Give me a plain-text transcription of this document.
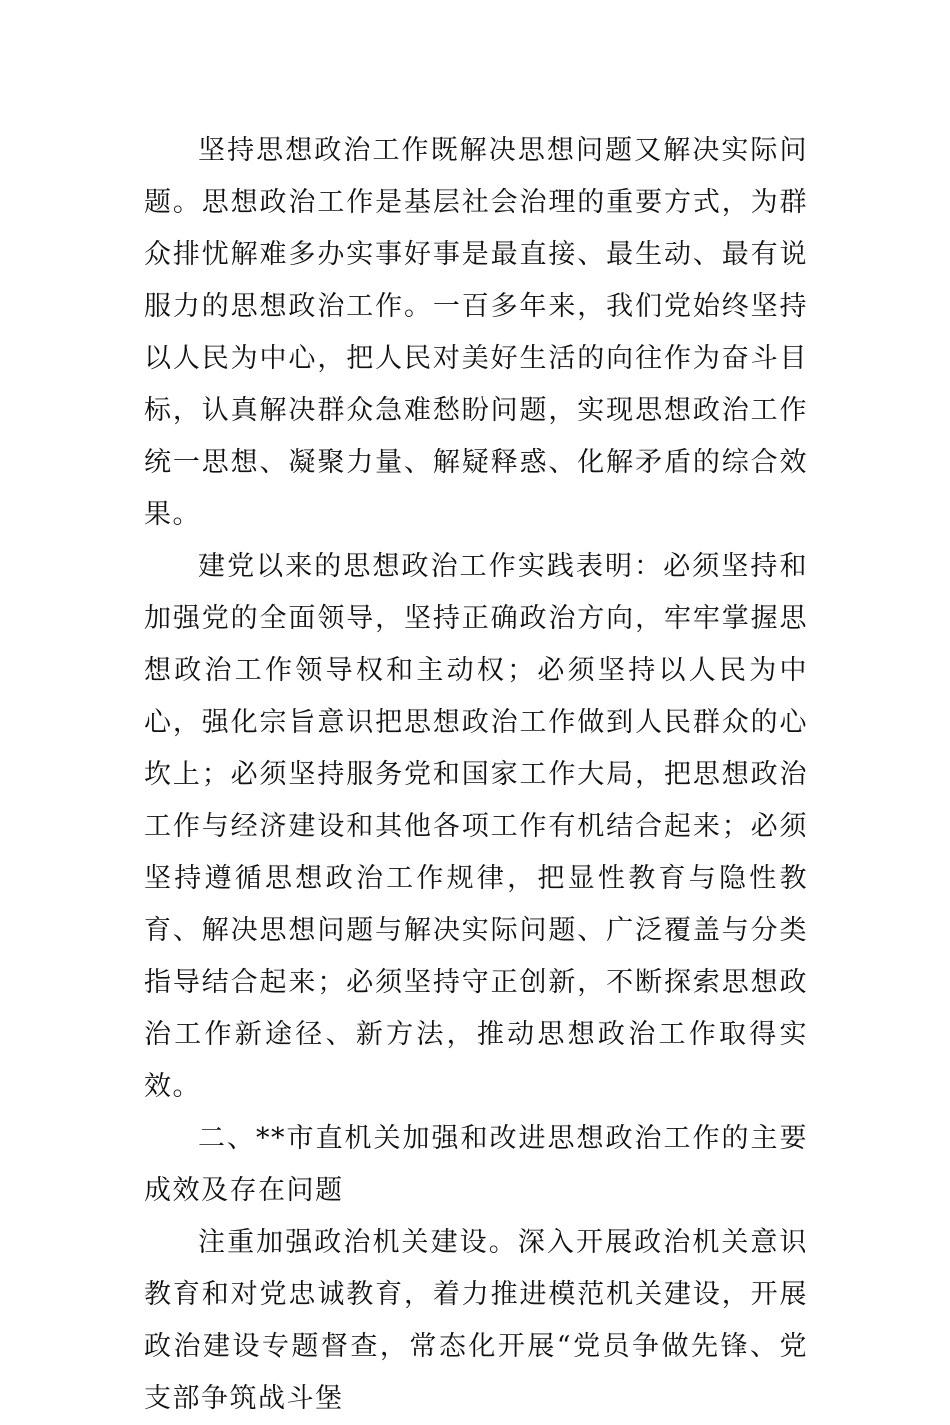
坚持思想政治工作既解决思想问题又解决实际问题。思想政治工作是基层社会治理的重要方式，为群众排忧解难多办实事好事是最直接、最生动、最有说服力的思想政治工作。一百多年来，我们党始终坚持以人民为中心，把人民对美好生活的向往作为奋斗目标，认真解决群众急难愁盼问题，实现思想政治工作统一思想、凝聚力量、解疑释惑、化解矛盾的综合效果。

建党以来的思想政治工作实践表明：必须坚持和加强党的全面领导，坚持正确政治方向，牢牢掌握思想政治工作领导权和主动权；必须坚持以人民为中心，强化宗旨意识把思想政治工作做到人民群众的心坎上；必须坚持服务党和国家工作大局，把思想政治工作与经济建设和其他各项工作有机结合起来；必须坚持遵循思想政治工作规律，把显性教育与隐性教育、解决思想问题与解决实际问题、广泛覆盖与分类指导结合起来；必须坚持守正创新，不断探索思想政治工作新途径、新方法，推动思想政治工作取得实效。

二、**市直机关加强和改进思想政治工作的主要成效及存在问题

注重加强政治机关建设。深入开展政治机关意识教育和对党忠诚教育，着力推进模范机关建设，开展政治建设专题督查，常态化开展“党员争做先锋、党支部争筑战斗堡
